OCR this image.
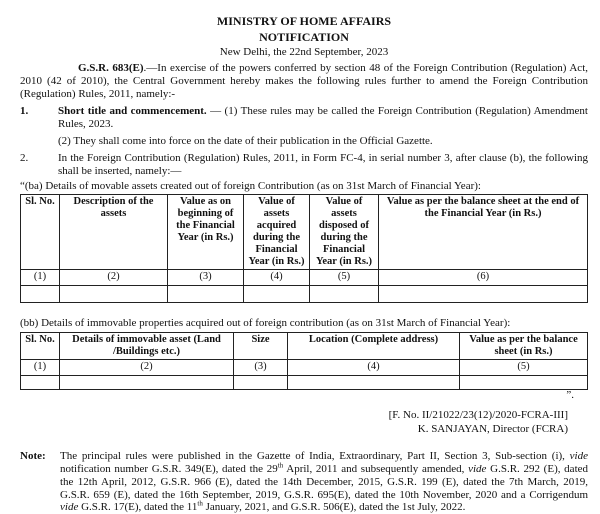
MINISTRY OF HOME AFFAIRS
NOTIFICATION
New Delhi, the 22nd September, 2023

G.S.R. 683(E).—In exercise of the powers conferred by section 48 of the Foreign Contribution (Regulation) Act, 2010 (42 of 2010), the Central Government hereby makes the following rules further to amend the Foreign Contribution (Regulation) Rules, 2011, namely:-

1.	Short title and commencement. — (1) These rules may be called the Foreign Contribution (Regulation) Amendment Rules, 2023.

(2) They shall come into force on the date of their publication in the Official Gazette.

2.	In the Foreign Contribution (Regulation) Rules, 2011, in Form FC-4, in serial number 3, after clause (b), the following shall be inserted, namely:—

“(ba) Details of movable assets created out of foreign Contribution (as on 31st March of Financial Year):

Sl. No.	Description of the assets	Value as on beginning of the Financial Year (in Rs.)	Value of assets acquired during the Financial Year (in Rs.)	Value of assets disposed of during the Financial Year (in Rs.)	Value as per the balance sheet at the end of the Financial Year (in Rs.)
(1)	(2)	(3)	(4)	(5)	(6)

(bb) Details of immovable properties acquired out of foreign contribution (as on 31st March of Financial Year):

Sl. No.	Details of immovable asset (Land /Buildings etc.)	Size	Location (Complete address)	Value as per the balance sheet (in Rs.)
(1)	(2)	(3)	(4)	(5)

”.
[F. No. II/21022/23(12)/2020-FCRA-III]
K. SANJAYAN, Director (FCRA)
Note:	The principal rules were published in the Gazette of India, Extraordinary, Part II, Section 3, Sub-section (i), vide notification number G.S.R. 349(E), dated the 29th April, 2011 and subsequently amended, vide G.S.R. 292 (E), dated the 12th April, 2012, G.S.R. 966 (E), dated the 14th December, 2015, G.S.R. 199 (E), dated the 7th March, 2019, G.S.R. 659 (E), dated the 16th September, 2019, G.S.R. 695(E), dated the 10th November, 2020 and a Corrigendum vide G.S.R. 17(E), dated the 11th January, 2021, and G.S.R. 506(E), dated the 1st July, 2022.
